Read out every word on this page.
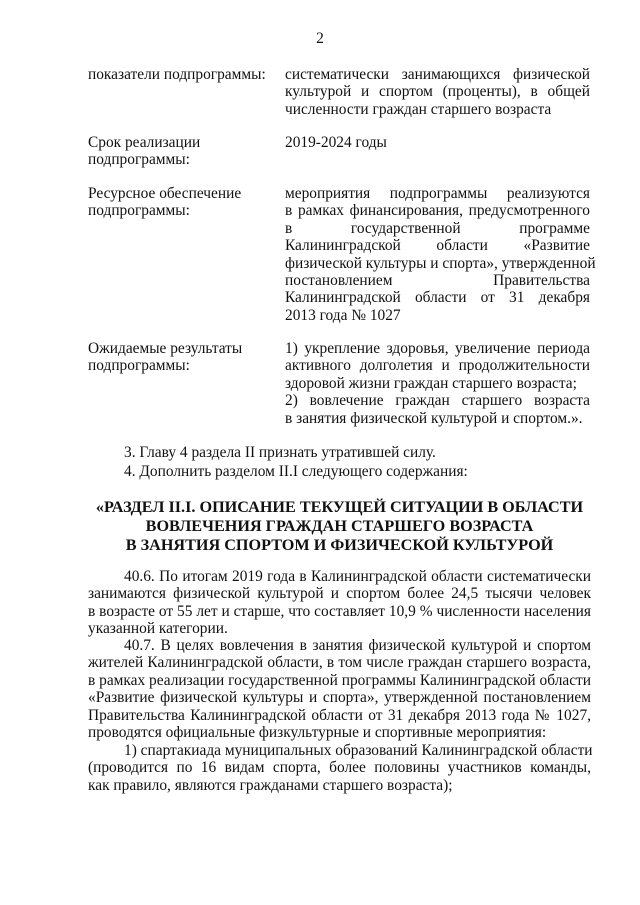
2
показатели подпрограммы:	систематически занимающихся физической
культурой и спортом (проценты), в общей
численности граждан старшего возраста
Срок реализации
подпрограммы:
2019-2024 годы
Ресурсное обеспечение
подпрограммы:
мероприятия подпрограммы реализуются
в рамках финансирования, предусмотренного
в государственной программе
Калининградской области «Развитие
физической культуры и спорта», утвержденной
постановлением Правительства
Калининградской области от 31 декабря
2013 года № 1027
Ожидаемые результаты
подпрограммы:
1) укрепление здоровья, увеличение периода
активного долголетия и продолжительности
здоровой жизни граждан старшего возраста;
2) вовлечение граждан старшего возраста
в занятия физической культурой и спортом.».
3. Главу 4 раздела II признать утратившей силу.
4. Дополнить разделом II.I следующего содержания:
«РАЗДЕЛ II.I. ОПИСАНИЕ ТЕКУЩЕЙ СИТУАЦИИ В ОБЛАСТИ
ВОВЛЕЧЕНИЯ ГРАЖДАН СТАРШЕГО ВОЗРАСТА
В ЗАНЯТИЯ СПОРТОМ И ФИЗИЧЕСКОЙ КУЛЬТУРОЙ
40.6. По итогам 2019 года в Калининградской области систематически
занимаются физической культурой и спортом более 24,5 тысячи человек
в возрасте от 55 лет и старше, что составляет 10,9 % численности населения
указанной категории.
40.7. В целях вовлечения в занятия физической культурой и спортом
жителей Калининградской области, в том числе граждан старшего возраста,
в рамках реализации государственной программы Калининградской области
«Развитие физической культуры и спорта», утвержденной постановлением
Правительства Калининградской области от 31 декабря 2013 года № 1027,
проводятся официальные физкультурные и спортивные мероприятия:
1) спартакиада муниципальных образований Калининградской области
(проводится по 16 видам спорта, более половины участников команды,
как правило, являются гражданами старшего возраста);
